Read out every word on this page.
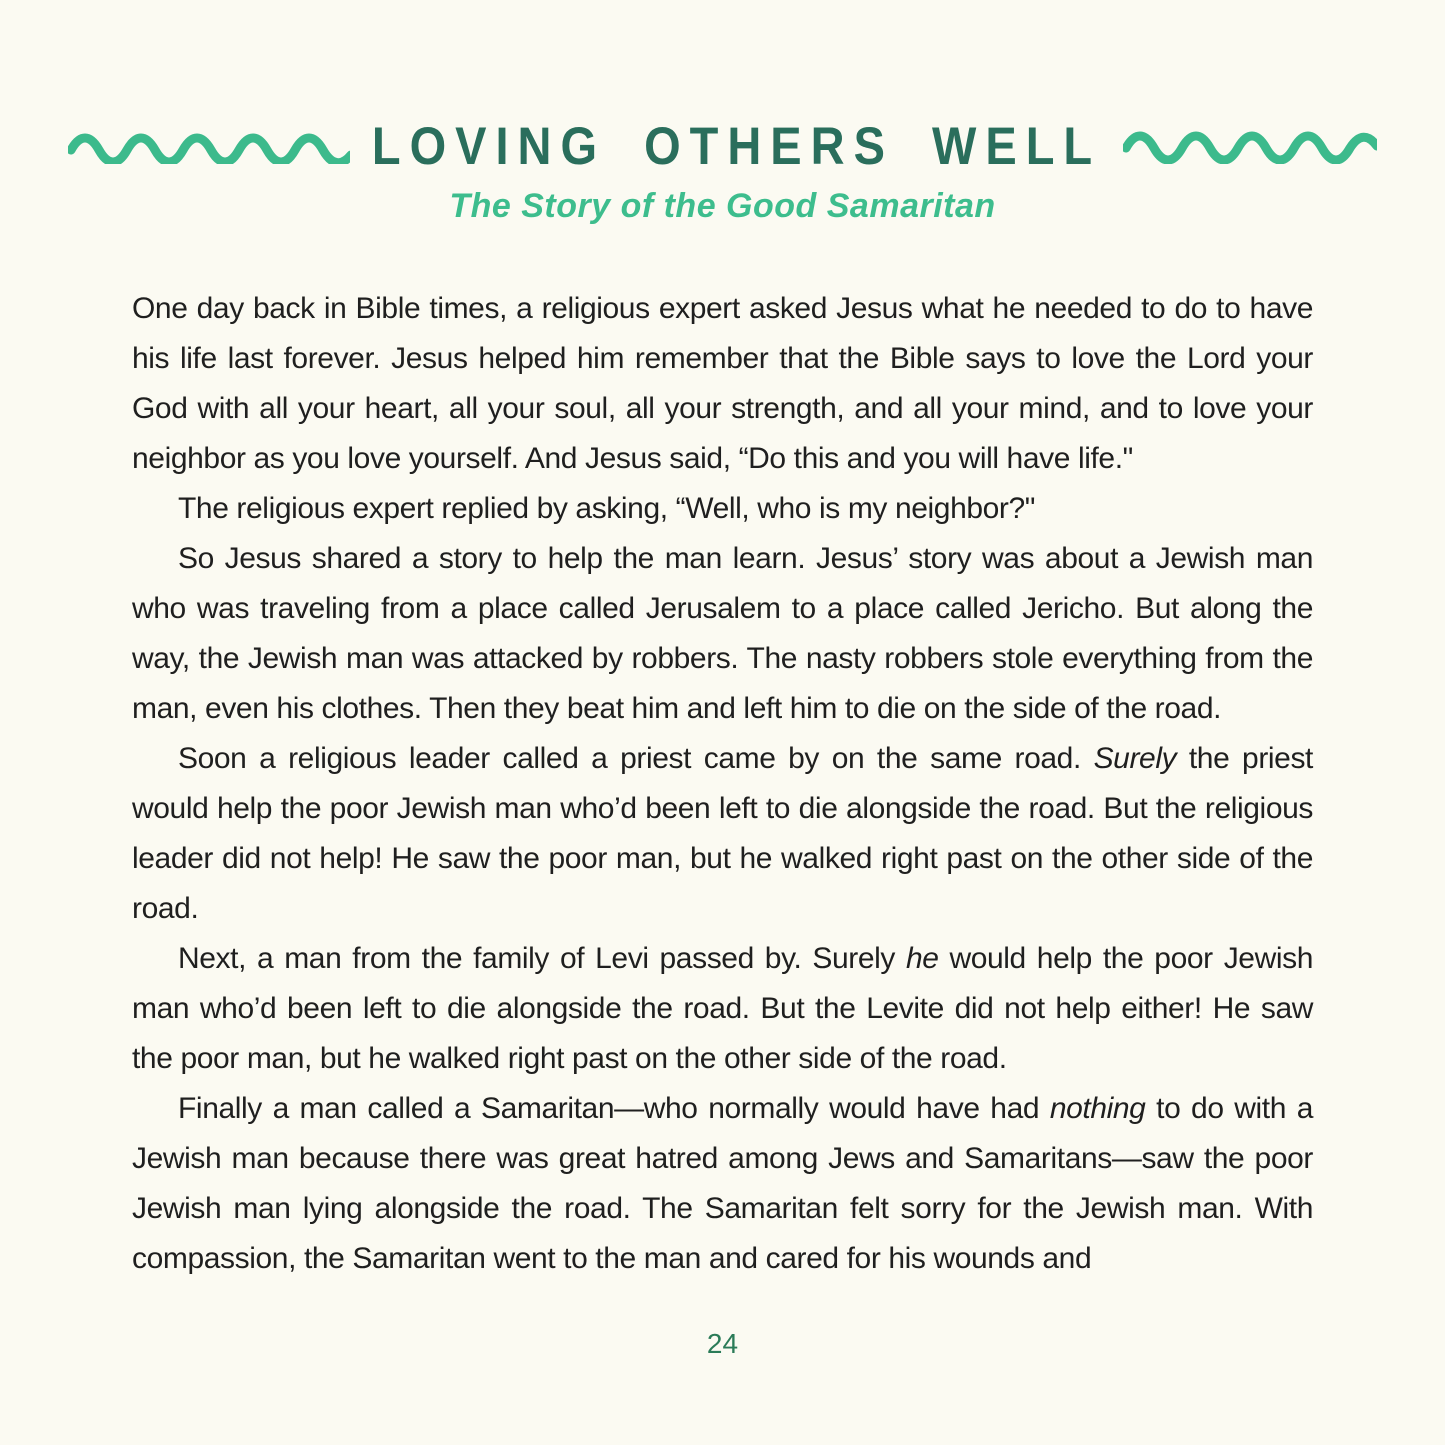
LOVING OTHERS WELL
The Story of the Good Samaritan

One day back in Bible times, a religious expert asked Jesus what he needed to do to have his life last forever. Jesus helped him remember that the Bible says to love the Lord your God with all your heart, all your soul, all your strength, and all your mind, and to love your neighbor as you love yourself. And Jesus said, “Do this and you will have life."

The religious expert replied by asking, “Well, who is my neighbor?"

So Jesus shared a story to help the man learn. Jesus’ story was about a Jewish man who was traveling from a place called Jerusalem to a place called Jericho. But along the way, the Jewish man was attacked by robbers. The nasty robbers stole everything from the man, even his clothes. Then they beat him and left him to die on the side of the road.

Soon a religious leader called a priest came by on the same road. Surely the priest would help the poor Jewish man who’d been left to die alongside the road. But the religious leader did not help! He saw the poor man, but he walked right past on the other side of the road.

Next, a man from the family of Levi passed by. Surely he would help the poor Jewish man who’d been left to die alongside the road. But the Levite did not help either! He saw the poor man, but he walked right past on the other side of the road.

Finally a man called a Samaritan—who normally would have had nothing to do with a Jewish man because there was great hatred among Jews and Samaritans—saw the poor Jewish man lying alongside the road. The Samaritan felt sorry for the Jewish man. With compassion, the Samaritan went to the man and cared for his wounds and

24
